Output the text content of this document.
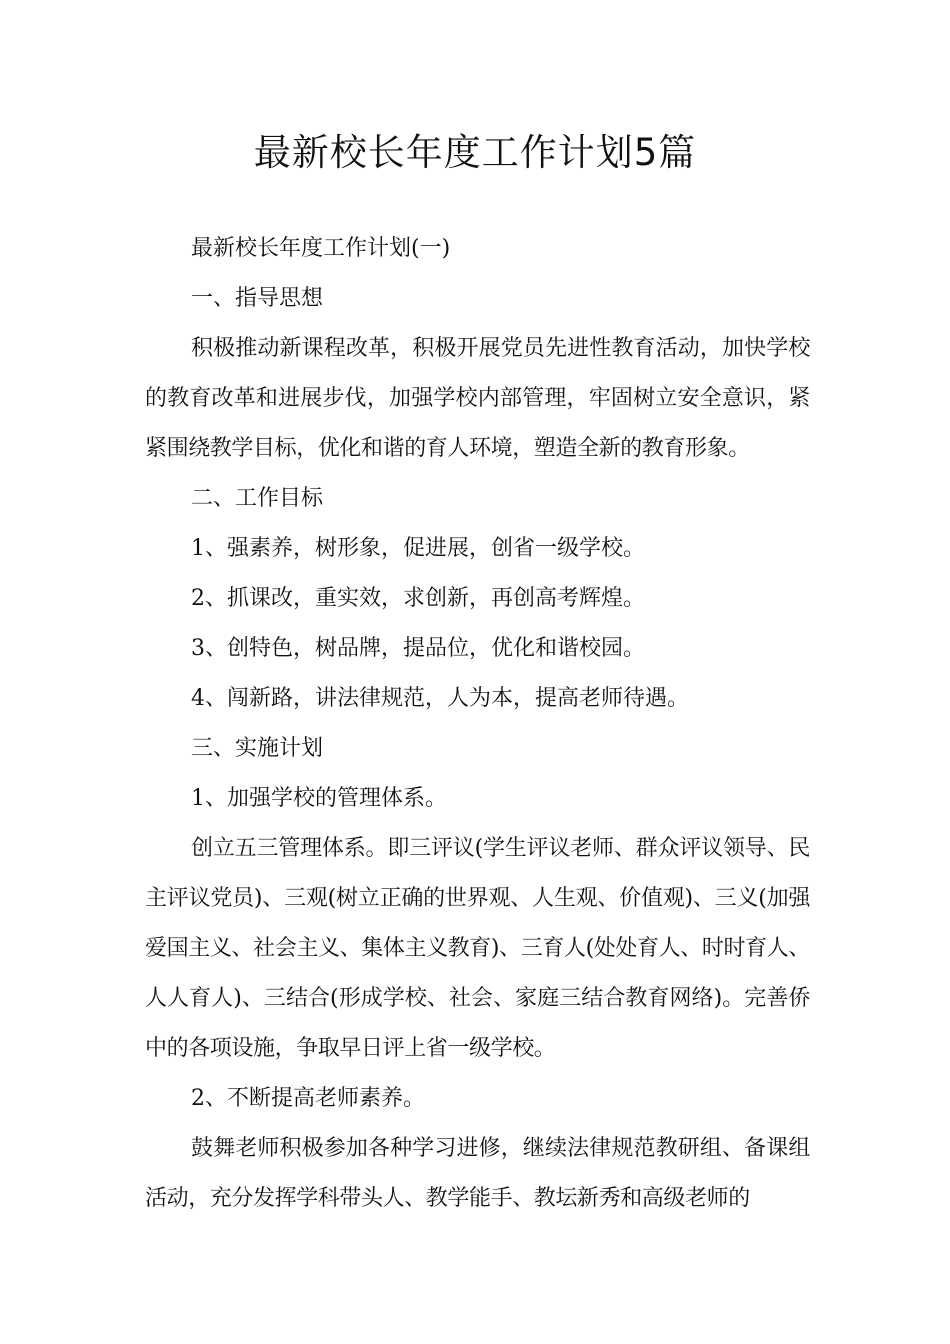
最新校长年度工作计划5篇

最新校长年度工作计划(一)

一、指导思想

积极推动新课程改革，积极开展党员先进性教育活动，加快学校的教育改革和进展步伐，加强学校内部管理，牢固树立安全意识，紧紧围绕教学目标，优化和谐的育人环境，塑造全新的教育形象。

二、工作目标

1、强素养，树形象，促进展，创省一级学校。

2、抓课改，重实效，求创新，再创高考辉煌。

3、创特色，树品牌，提品位，优化和谐校园。

4、闯新路，讲法律规范，人为本，提高老师待遇。

三、实施计划

1、加强学校的管理体系。

创立五三管理体系。即三评议(学生评议老师、群众评议领导、民主评议党员)、三观(树立正确的世界观、人生观、价值观)、三义(加强爱国主义、社会主义、集体主义教育)、三育人(处处育人、时时育人、人人育人)、三结合(形成学校、社会、家庭三结合教育网络)。完善侨中的各项设施，争取早日评上省一级学校。

2、不断提高老师素养。

鼓舞老师积极参加各种学习进修，继续法律规范教研组、备课组活动，充分发挥学科带头人、教学能手、教坛新秀和高级老师的
